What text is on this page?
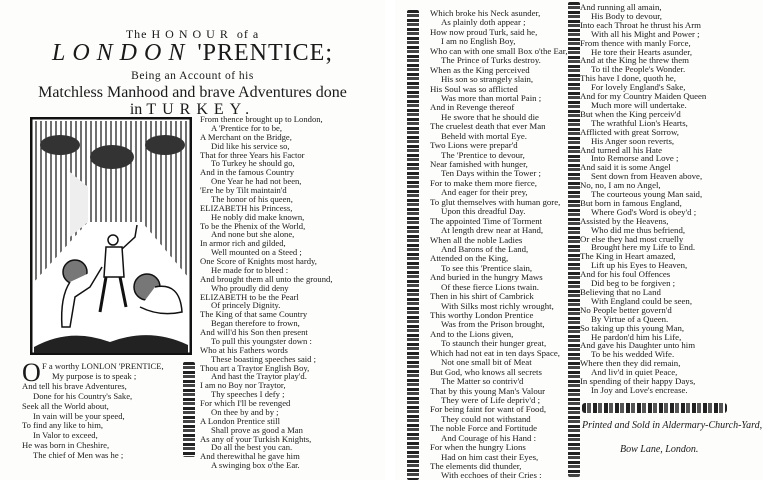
The HONOUR of a
LONDON 'PRENTICE;
Being an Account of his
Matchless Manhood and brave Adventures done
in TURKEY.
From thence brought up to London,
A 'Prentice for to be,
A Merchant on the Bridge,
Did like his service so,
That for three Years his Factor
To Turkey he should go,
And in the famous Country
One Year he had not been,
'Ere he by Tilt maintain'd
The honor of his queen,
ELIZABETH his Princess,
He nobly did make known,
To be the Phenix of the World,
And none but she alone,
In armor rich and gilded,
Well mounted on a Steed ;
One Score of Knights most hardy,
He made for to bleed :
And brought them all unto the ground,
Who proudly did deny
ELIZABETH to be the Pearl
Of princely Dignity.
The King of that same Country
Began therefore to frown,
And will'd his Son then present
To pull this youngster down :
Who at his Fathers words
These boasting speeches said ;
Thou art a Traytor English Boy,
And hast the Traytor play'd.
I am no Boy nor Traytor,
Thy speeches I defy ;
For which I'll be revenged
On thee by and by ;
A London Prentice still
Shall prove as good a Man
As any of your Turkish Knights,
Do all the best you can.
And therewithal he gave him
A swinging box o'the Ear.
O F a worthy LONLON 'PRENTICE,
My purpose is to speak ;
And tell his brave Adventures,
Done for his Country's Sake,
Seek all the World about,
In vain will be your speed,
To find any like to him,
In Valor to exceed,
He was born in Cheshire,
The chief of Men was he ;
Which broke his Neck asunder,
As plainly doth appear ;
How now proud Turk, said he,
I am no English Boy,
Who can with one small Box o'the Ear,
The Prince of Turks destroy.
When as the King perceived
His son so strangely slain,
His Soul was so afflicted
Was more than mortal Pain ;
And in Revenge thereof
He swore that he should die
The cruelest death that ever Man
Beheld with mortal Eye.
Two Lions were prepar'd
The 'Prentice to devour,
Near famished with hunger,
Ten Days within the Tower ;
For to make them more fierce,
And eager for their prey,
To glut themselves with human gore,
Upon this dreadful Day.
The appointed Time of Torment
At length drew near at Hand,
When all the noble Ladies
And Barons of the Land,
Attended on the King,
To see this 'Prentice slain,
And buried in the hungry Maws
Of these fierce Lions twain.
Then in his shirt of Cambrick
With Silks most richly wrought,
This worthy London Prentice
Was from the Prison brought,
And to the Lions given,
To staunch their hunger great,
Which had not eat in ten days Space,
Not one small bit of Meat
But God, who knows all secrets
The Matter so contriv'd
That by this young Man's Valour
They were of Life depriv'd ;
For being faint for want of Food,
They could not withstand
The noble Force and Fortitude
And Courage of his Hand :
For when the hungry Lions
Had on him cast their Eyes,
The elements did thunder,
With ecchoes of their Cries :
And running all amain,
His Body to devour,
Into each Throat he thrust his Arm
With all his Might and Power ;
From thence with manly Force,
He tore their Hearts asunder,
And at the King he threw them
To til the People's Wonder.
This have I done, quoth he,
For lovely England's Sake,
And for my Country Maiden Queen
Much more will undertake.
But when the King perceiv'd
The wrathful Lion's Hearts,
Afflicted with great Sorrow,
His Anger soon reverts,
And turned all his Hate
Into Remorse and Love ;
And said it is some Angel
Sent down from Heaven above,
No, no, I am no Angel,
The courteous young Man said,
But born in famous England,
Where God's Word is obey'd ;
Assisted by the Heavens,
Who did me thus befriend,
Or else they had most cruelly
Brought here my Life to End.
The King in Heart amazed,
Lift up his Eyes to Heaven,
And for his foul Offences
Did beg to be forgiven ;
Believing that no Land
With England could be seen,
No People better govern'd
By Virtue of a Queen.
So taking up this young Man,
He pardon'd him his Life,
And gave his Daughter unto him
To be his wedded Wife.
Where then they did remain,
And liv'd in quiet Peace,
In spending of their happy Days,
In Joy and Love's encrease.
Printed and Sold in Aldermary-Church-Yard,
Bow Lane, London.
